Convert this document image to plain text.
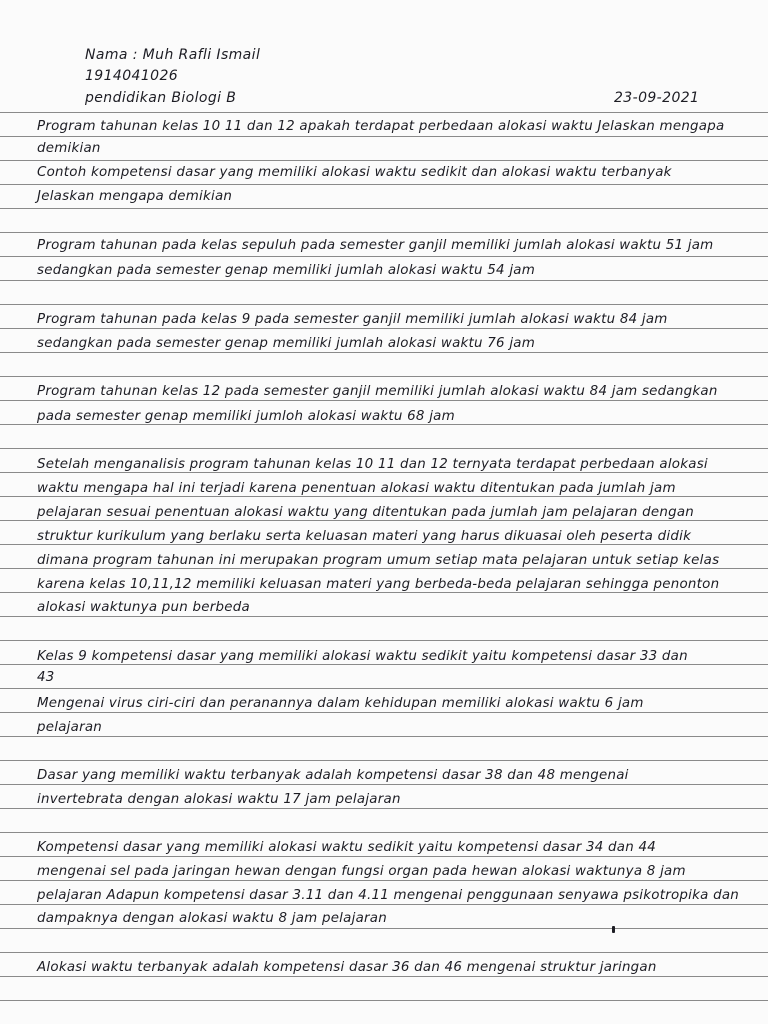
Nama : Muh Rafli Ismail
1914041026
pendidikan Biologi B	23-09-2021
Program tahunan kelas 10 11 dan 12 apakah terdapat perbedaan alokasi waktu Jelaskan mengapa
demikian
Contoh kompetensi dasar yang memiliki alokasi waktu sedikit dan alokasi waktu terbanyak
Jelaskan mengapa demikian
Program tahunan pada kelas sepuluh pada semester ganjil memiliki jumlah alokasi waktu 51 jam
sedangkan pada semester genap memiliki jumlah alokasi waktu 54 jam
Program tahunan pada kelas 9 pada semester ganjil memiliki jumlah alokasi waktu 84 jam
sedangkan pada semester genap memiliki jumlah alokasi waktu 76 jam
Program tahunan kelas 12 pada semester ganjil memiliki jumlah alokasi waktu 84 jam sedangkan
pada semester genap memiliki jumloh alokasi waktu 68 jam
Setelah menganalisis program tahunan kelas 10 11 dan 12 ternyata terdapat perbedaan alokasi
waktu mengapa hal ini terjadi karena penentuan alokasi waktu ditentukan pada jumlah jam
pelajaran sesuai penentuan alokasi waktu yang ditentukan pada jumlah jam pelajaran dengan
struktur kurikulum yang berlaku serta keluasan materi yang harus dikuasai oleh peserta didik
dimana program tahunan ini merupakan program umum setiap mata pelajaran untuk setiap kelas
karena kelas 10,11,12 memiliki keluasan materi yang berbeda-beda pelajaran sehingga penonton
alokasi waktunya pun berbeda
Kelas 9 kompetensi dasar yang memiliki alokasi waktu sedikit yaitu kompetensi dasar 33 dan
43
Mengenai virus ciri-ciri dan peranannya dalam kehidupan memiliki alokasi waktu 6 jam
pelajaran
Dasar yang memiliki waktu terbanyak adalah kompetensi dasar 38 dan 48 mengenai
invertebrata dengan alokasi waktu 17 jam pelajaran
Kompetensi dasar yang memiliki alokasi waktu sedikit yaitu kompetensi dasar 34 dan 44
mengenai sel pada jaringan hewan dengan fungsi organ pada hewan alokasi waktunya 8 jam
pelajaran Adapun kompetensi dasar 3.11 dan 4.11 mengenai penggunaan senyawa psikotropika dan
dampaknya dengan alokasi waktu 8 jam pelajaran
Alokasi waktu terbanyak adalah kompetensi dasar 36 dan 46 mengenai struktur jaringan
